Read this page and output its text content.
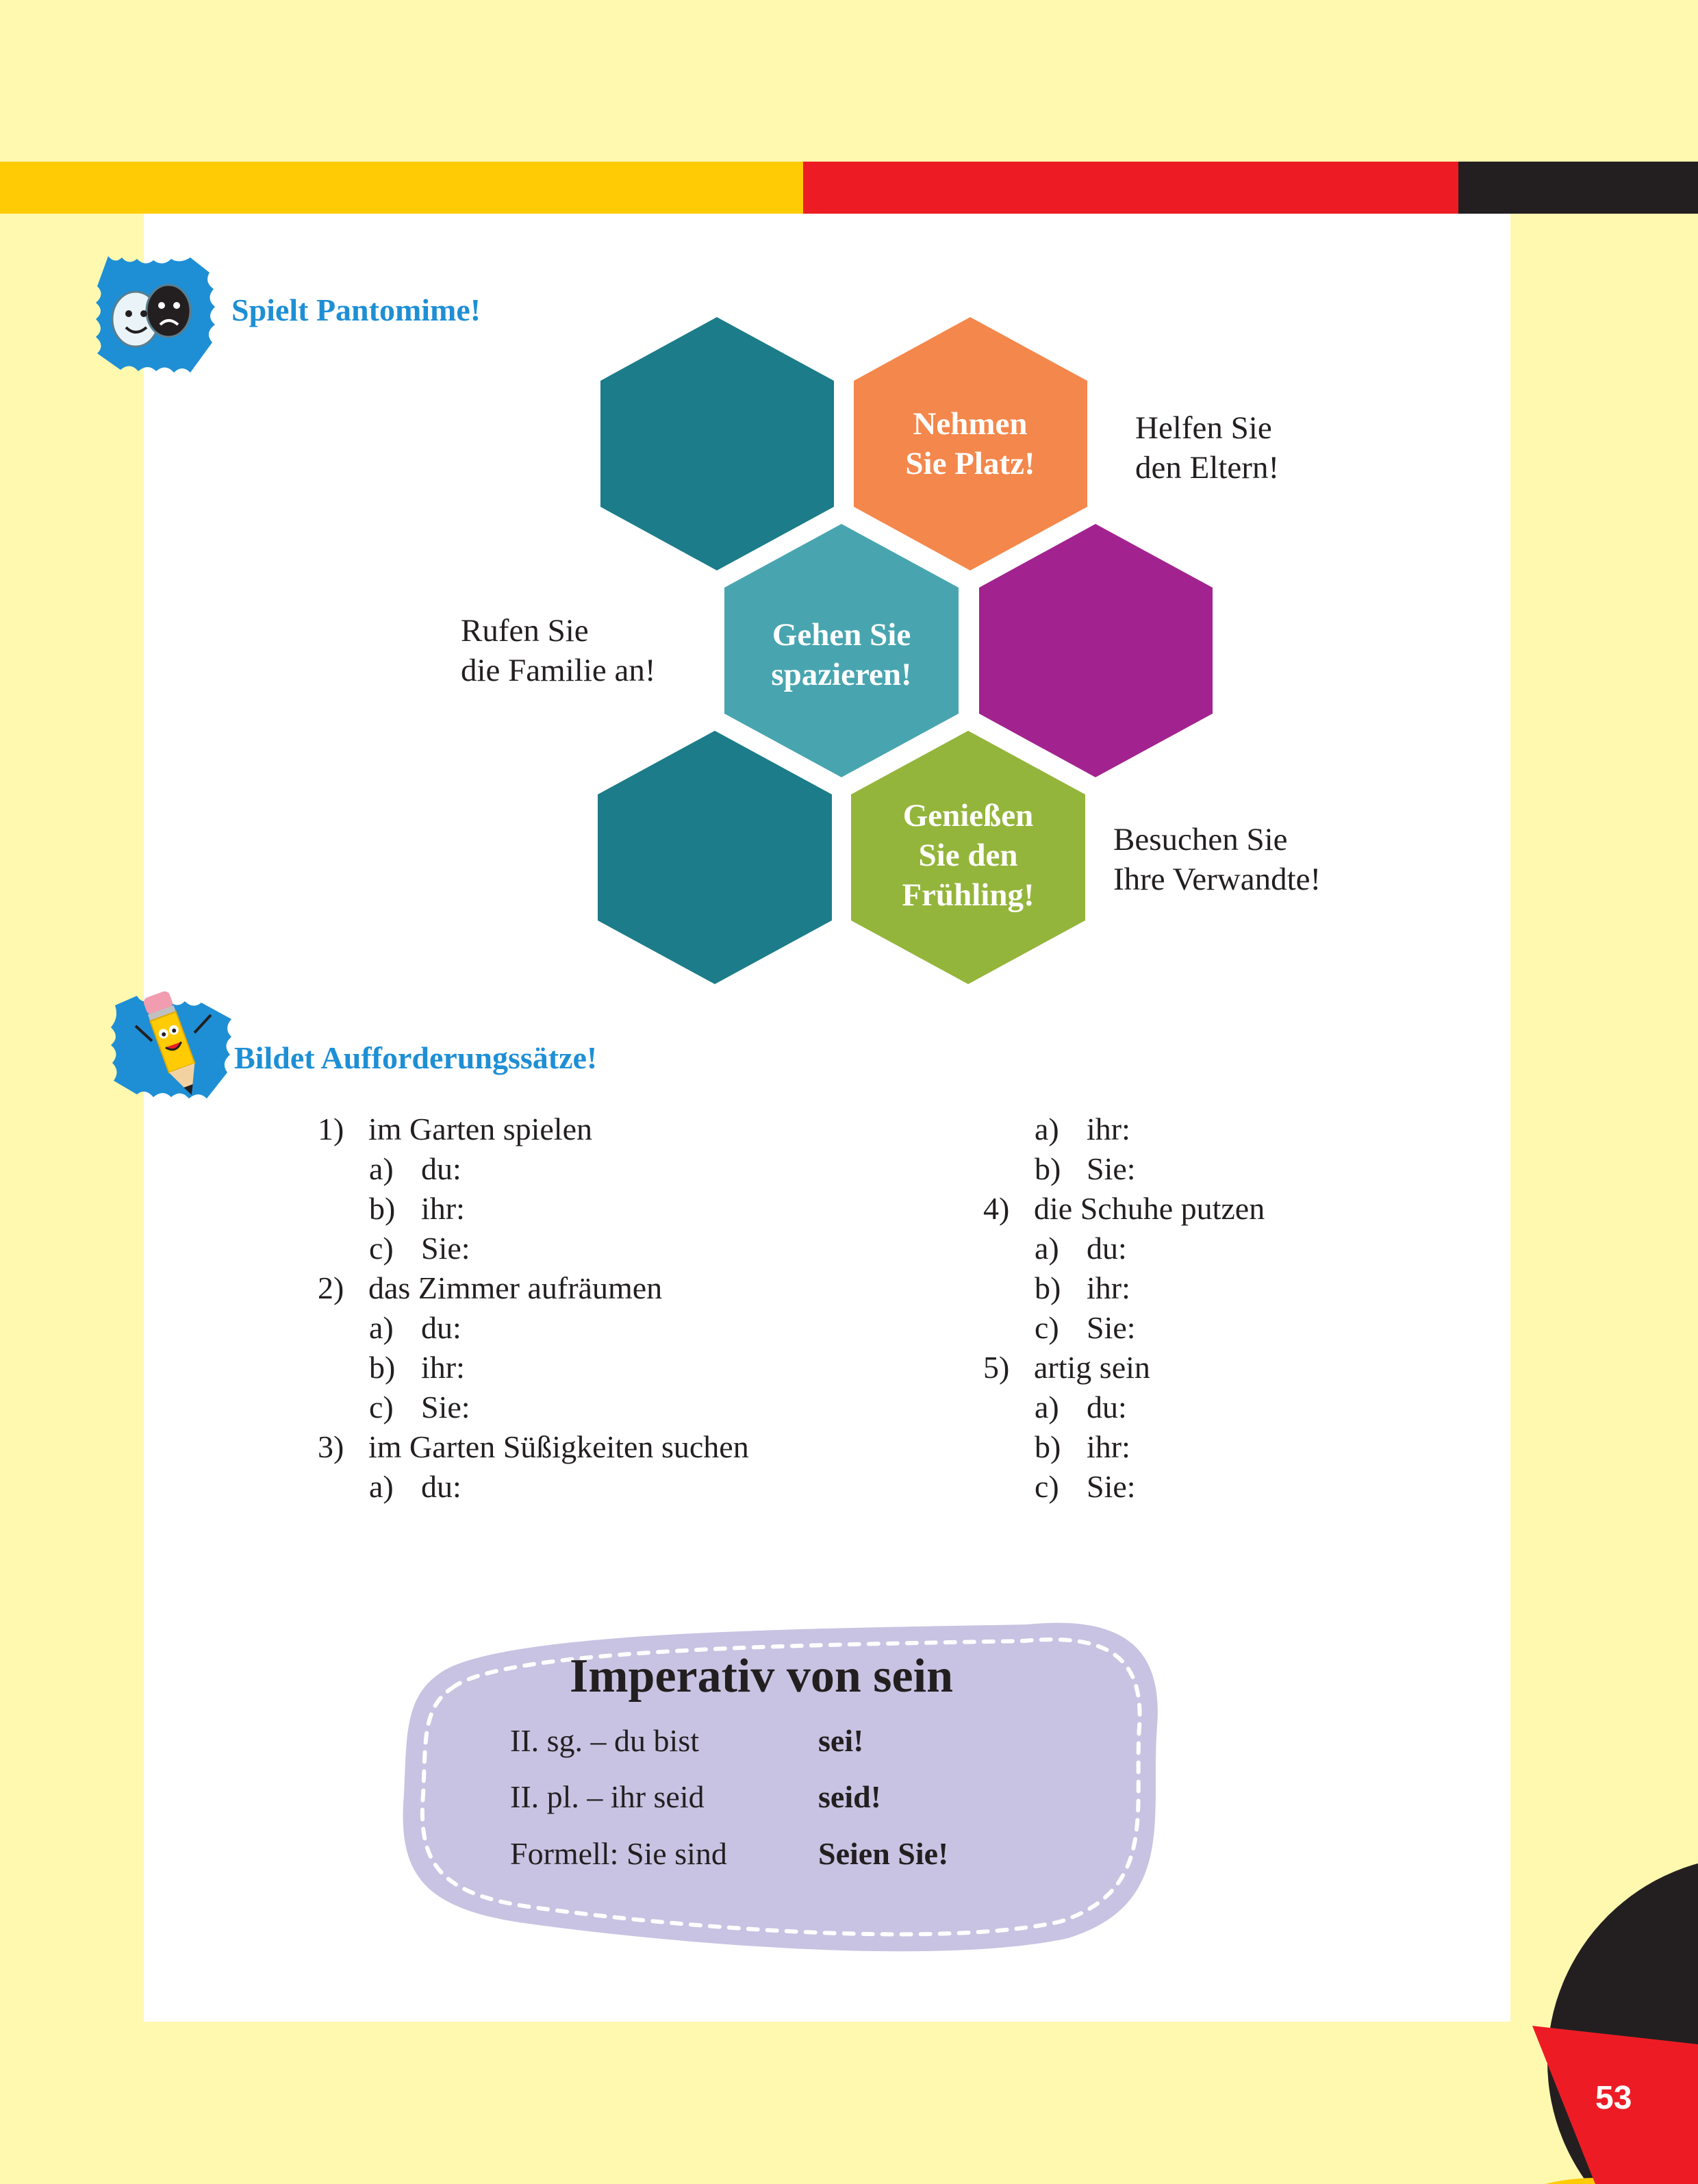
Spielt Pantomime!
Nehmen
Sie Platz!
Gehen Sie
spazieren!
Genießen
Sie den
Frühling!
Helfen Sie
den Eltern!
Rufen Sie
die Familie an!
Besuchen Sie
Ihre Verwandte!
Bildet Aufforderungssätze!
1) im Garten spielen
a) du:
b) ihr:
c) Sie:
2) das Zimmer aufräumen
a) du:
b) ihr:
c) Sie:
3) im Garten Süßigkeiten suchen
a) du:
a) ihr:
b) Sie:
4) die Schuhe putzen
a) du:
b) ihr:
c) Sie:
5) artig sein
a) du:
b) ihr:
c) Sie:
Imperativ von sein
II. sg. – du bist	sei!
II. pl. – ihr seid	seid!
Formell: Sie sind	Seien Sie!
53
